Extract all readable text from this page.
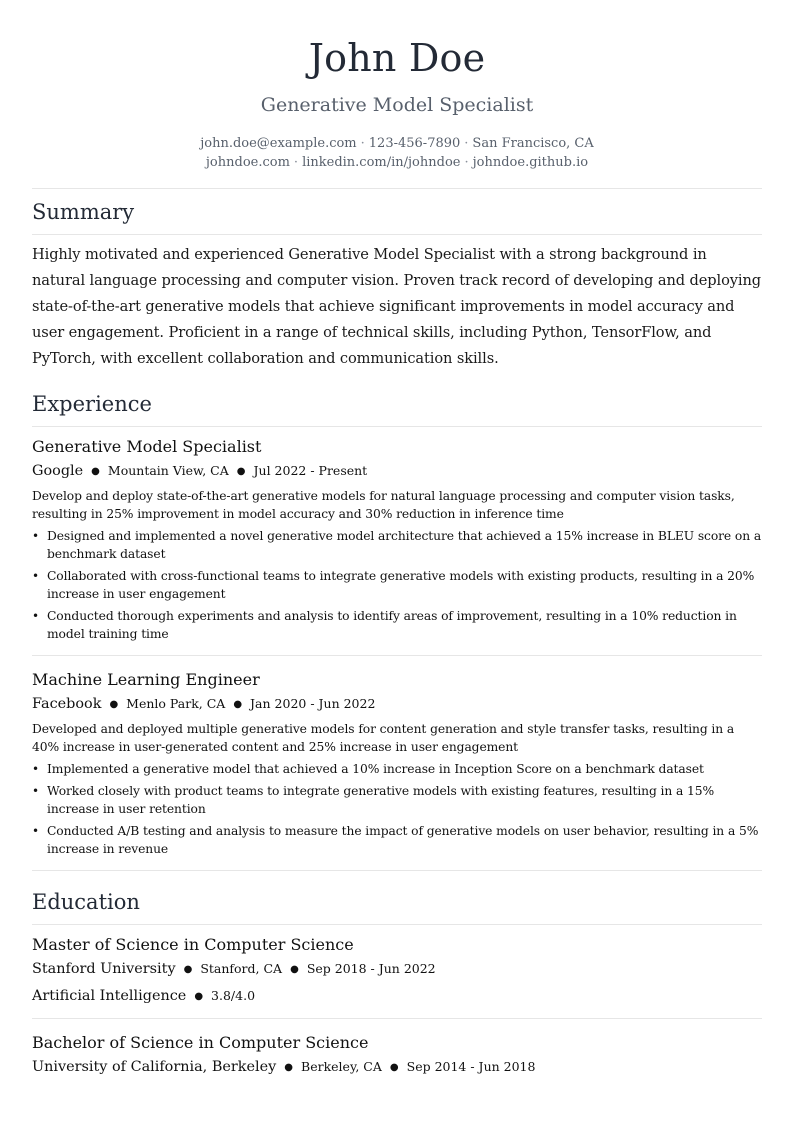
John Doe
Generative Model Specialist
john.doe@example.com · 123-456-7890 · San Francisco, CA
johndoe.com · linkedin.com/in/johndoe · johndoe.github.io
Summary
Highly motivated and experienced Generative Model Specialist with a strong background in natural language processing and computer vision. Proven track record of developing and deploying state-of-the-art generative models that achieve significant improvements in model accuracy and user engagement. Proficient in a range of technical skills, including Python, TensorFlow, and PyTorch, with excellent collaboration and communication skills.
Experience
Generative Model Specialist
Google ● Mountain View, CA ● Jul 2022 - Present
Develop and deploy state-of-the-art generative models for natural language processing and computer vision tasks, resulting in 25% improvement in model accuracy and 30% reduction in inference time
• Designed and implemented a novel generative model architecture that achieved a 15% increase in BLEU score on a benchmark dataset
• Collaborated with cross-functional teams to integrate generative models with existing products, resulting in a 20% increase in user engagement
• Conducted thorough experiments and analysis to identify areas of improvement, resulting in a 10% reduction in model training time
Machine Learning Engineer
Facebook ● Menlo Park, CA ● Jan 2020 - Jun 2022
Developed and deployed multiple generative models for content generation and style transfer tasks, resulting in a 40% increase in user-generated content and 25% increase in user engagement
• Implemented a generative model that achieved a 10% increase in Inception Score on a benchmark dataset
• Worked closely with product teams to integrate generative models with existing features, resulting in a 15% increase in user retention
• Conducted A/B testing and analysis to measure the impact of generative models on user behavior, resulting in a 5% increase in revenue
Education
Master of Science in Computer Science
Stanford University ● Stanford, CA ● Sep 2018 - Jun 2022
Artificial Intelligence ● 3.8/4.0
Bachelor of Science in Computer Science
University of California, Berkeley ● Berkeley, CA ● Sep 2014 - Jun 2018
